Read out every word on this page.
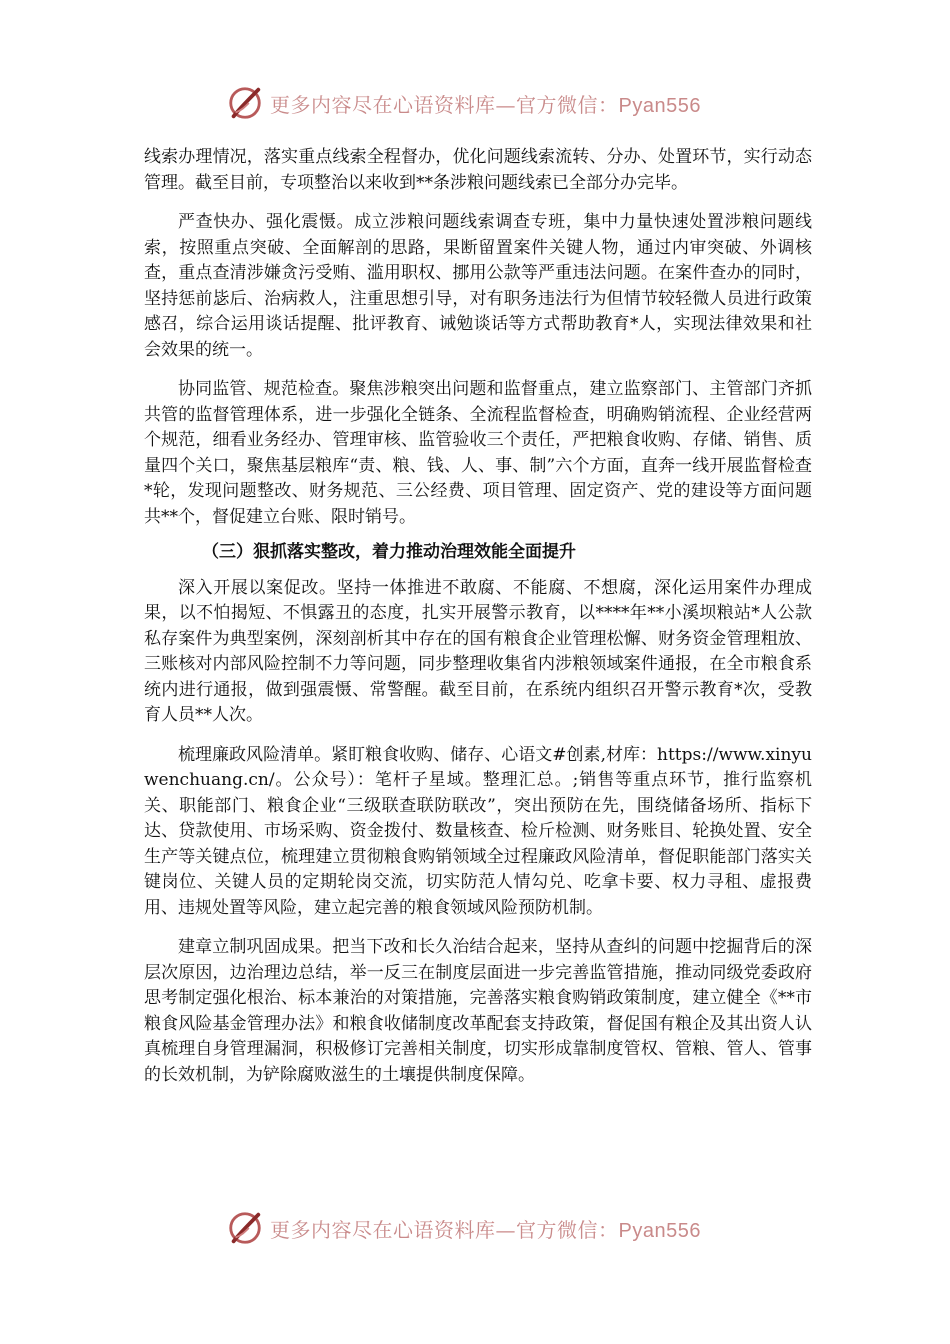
更多内容尽在心语资料库—官方微信：Pyan556

线索办理情况，落实重点线索全程督办，优化问题线索流转、分办、处置环节，实行动态管理。截至目前，专项整治以来收到**条涉粮问题线索已全部分办完毕。

严查快办、强化震慑。成立涉粮问题线索调查专班，集中力量快速处置涉粮问题线索，按照重点突破、全面解剖的思路，果断留置案件关键人物，通过内审突破、外调核查，重点查清涉嫌贪污受贿、滥用职权、挪用公款等严重违法问题。在案件查办的同时，坚持惩前毖后、治病救人，注重思想引导，对有职务违法行为但情节较轻微人员进行政策感召，综合运用谈话提醒、批评教育、诫勉谈话等方式帮助教育*人，实现法律效果和社会效果的统一。

协同监管、规范检查。聚焦涉粮突出问题和监督重点，建立监察部门、主管部门齐抓共管的监督管理体系，进一步强化全链条、全流程监督检查，明确购销流程、企业经营两个规范，细看业务经办、管理审核、监管验收三个责任，严把粮食收购、存储、销售、质量四个关口，聚焦基层粮库“责、粮、钱、人、事、制”六个方面，直奔一线开展监督检查*轮，发现问题整改、财务规范、三公经费、项目管理、固定资产、党的建设等方面问题共**个，督促建立台账、限时销号。

（三）狠抓落实整改，着力推动治理效能全面提升

深入开展以案促改。坚持一体推进不敢腐、不能腐、不想腐，深化运用案件办理成果，以不怕揭短、不惧露丑的态度，扎实开展警示教育，以****年**小溪坝粮站*人公款私存案件为典型案例，深刻剖析其中存在的国有粮食企业管理松懈、财务资金管理粗放、三账核对内部风险控制不力等问题，同步整理收集省内涉粮领域案件通报，在全市粮食系统内进行通报，做到强震慑、常警醒。截至目前，在系统内组织召开警示教育*次，受教育人员**人次。

梳理廉政风险清单。紧盯粮食收购、储存、心语文#创素,材库：https://www.xinyuwenchuang.cn/。公众号）：笔杆子星域。整理汇总。;销售等重点环节，推行监察机关、职能部门、粮食企业“三级联查联防联改”，突出预防在先，围绕储备场所、指标下达、贷款使用、市场采购、资金拨付、数量核查、检斤检测、财务账目、轮换处置、安全生产等关键点位，梳理建立贯彻粮食购销领域全过程廉政风险清单，督促职能部门落实关键岗位、关键人员的定期轮岗交流，切实防范人情勾兑、吃拿卡要、权力寻租、虚报费用、违规处置等风险，建立起完善的粮食领域风险预防机制。

建章立制巩固成果。把当下改和长久治结合起来，坚持从查纠的问题中挖掘背后的深层次原因，边治理边总结，举一反三在制度层面进一步完善监管措施，推动同级党委政府思考制定强化根治、标本兼治的对策措施，完善落实粮食购销政策制度，建立健全《**市粮食风险基金管理办法》和粮食收储制度改革配套支持政策，督促国有粮企及其出资人认真梳理自身管理漏洞，积极修订完善相关制度，切实形成靠制度管权、管粮、管人、管事的长效机制，为铲除腐败滋生的土壤提供制度保障。

更多内容尽在心语资料库—官方微信：Pyan556
